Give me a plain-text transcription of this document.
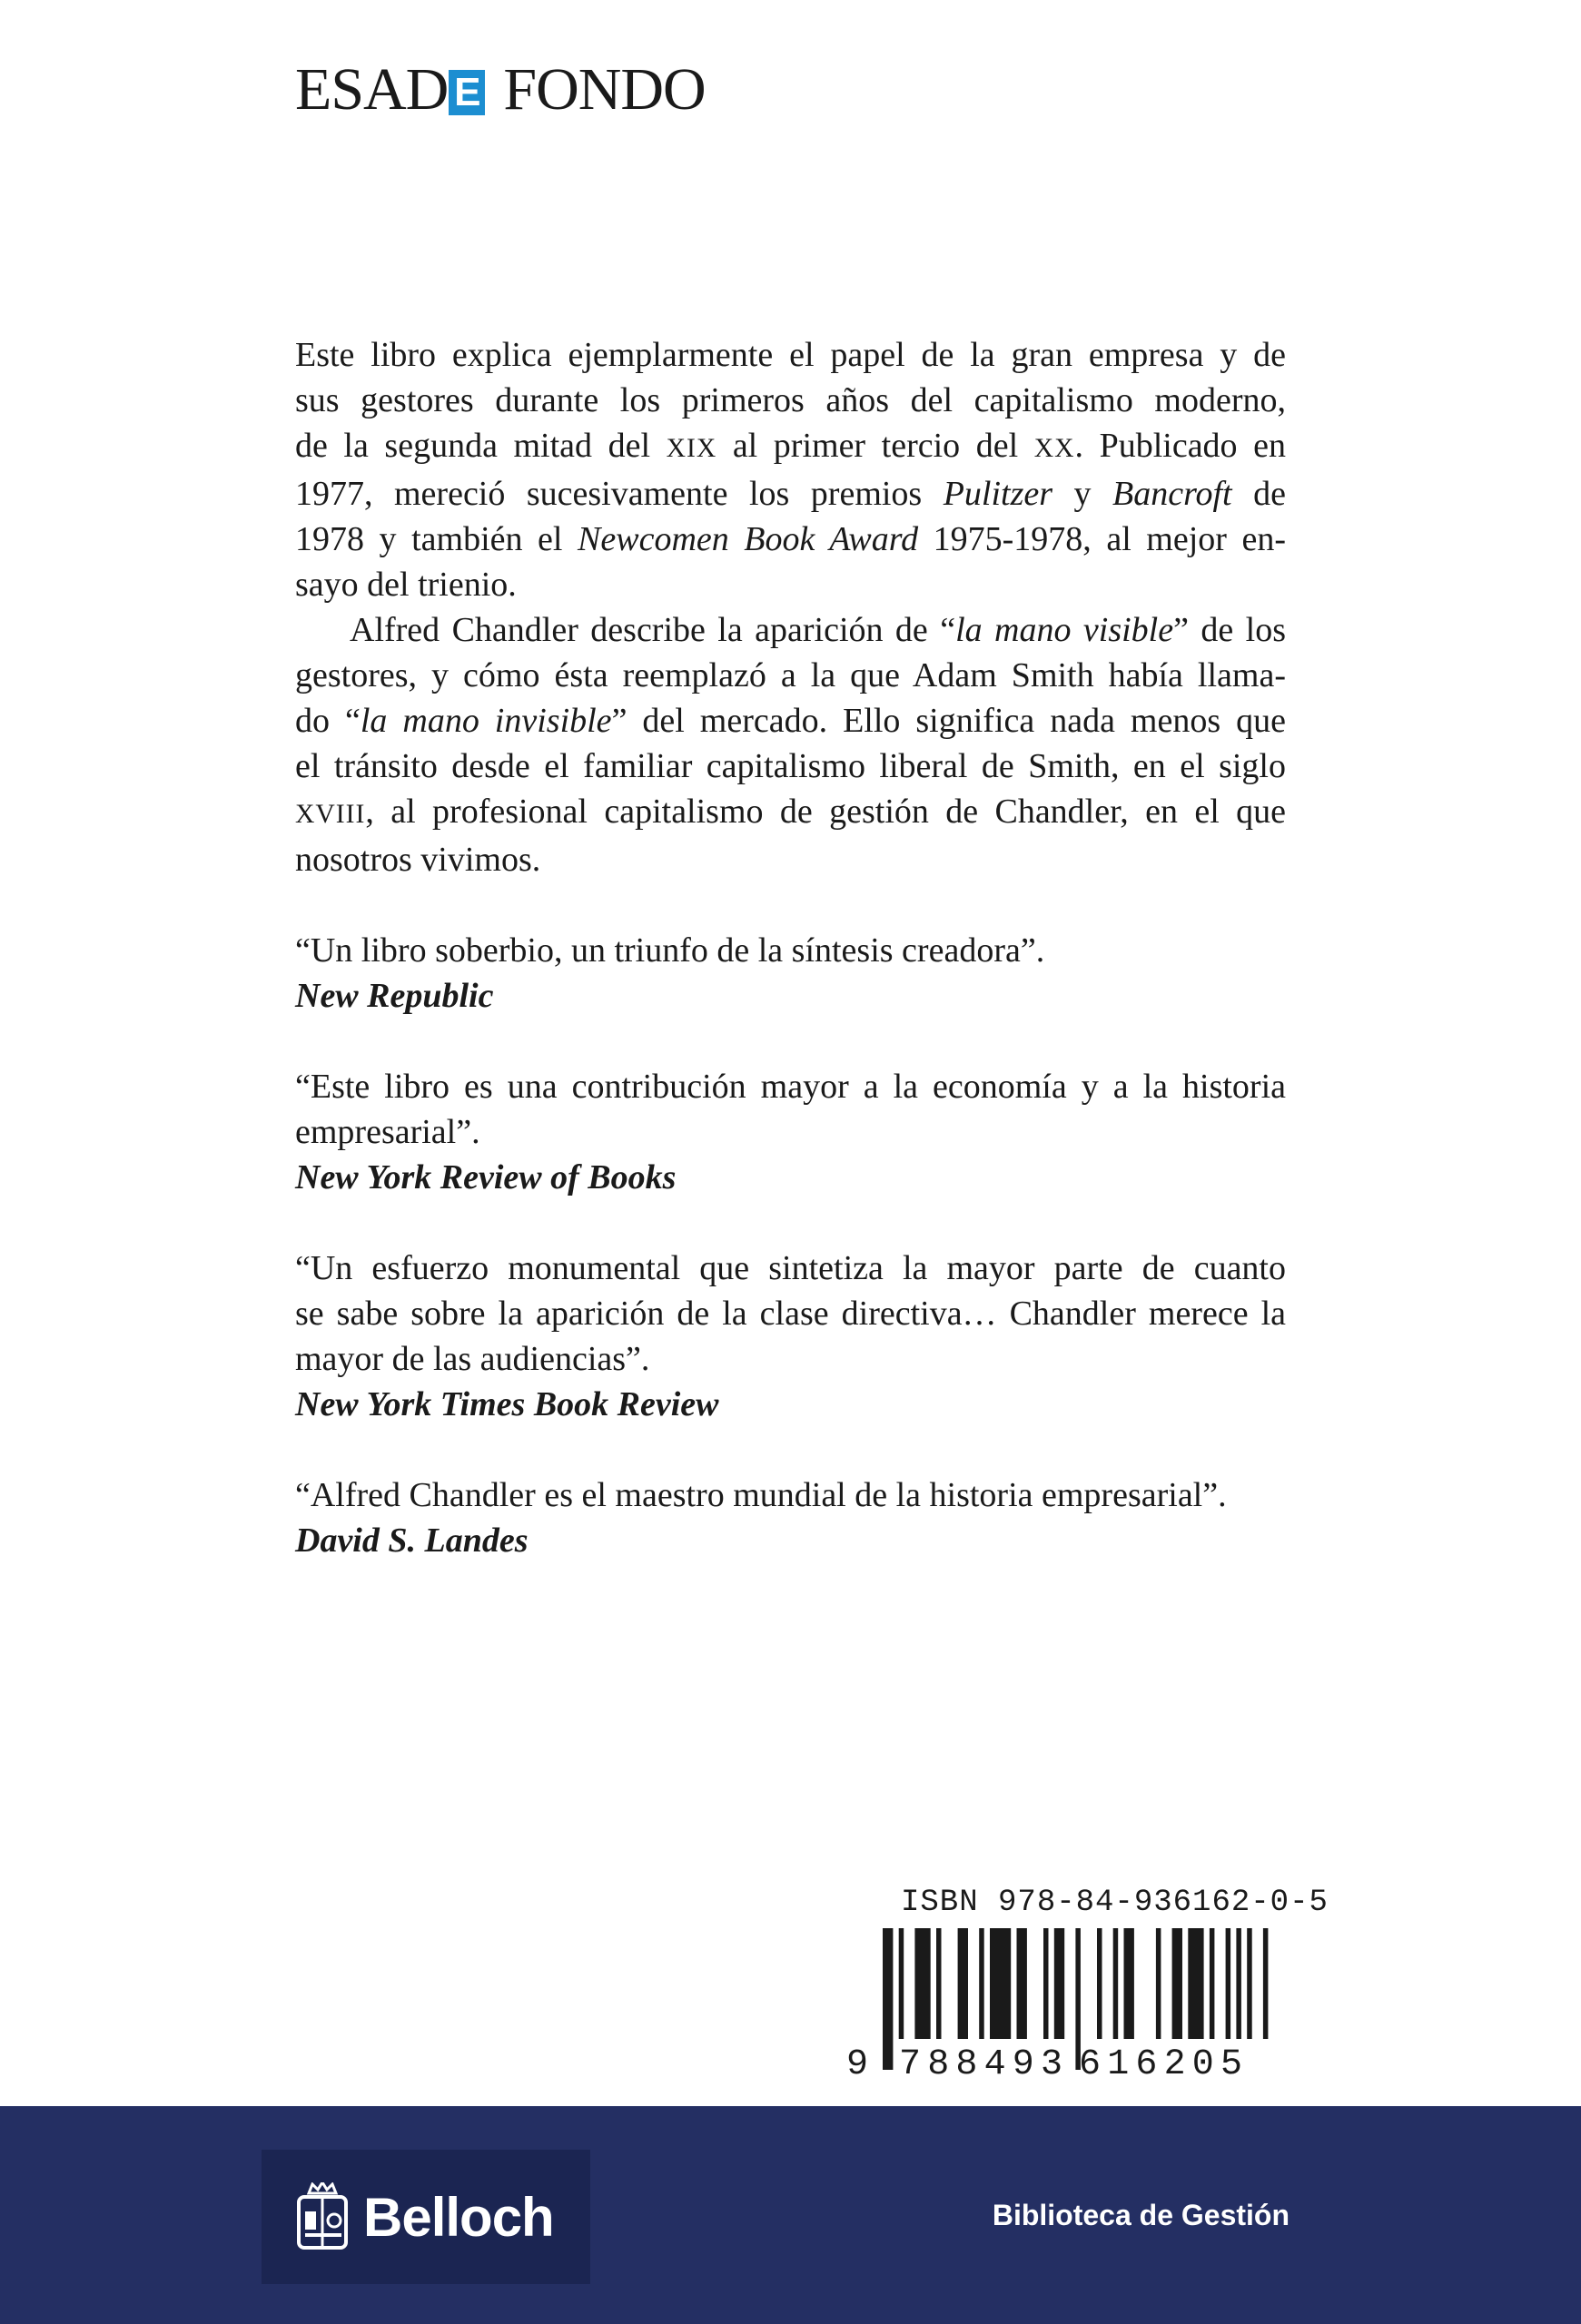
ESAD E FONDO

Este libro explica ejemplarmente el papel de la gran empresa y de
sus gestores durante los primeros años del capitalismo moderno,
de la segunda mitad del XIX al primer tercio del XX. Publicado en
1977, mereció sucesivamente los premios Pulitzer y Bancroft de
1978 y también el Newcomen Book Award 1975-1978, al mejor en-
sayo del trienio.

Alfred Chandler describe la aparición de “la mano visible” de los
gestores, y cómo ésta reemplazó a la que Adam Smith había llama-
do “la mano invisible” del mercado. Ello significa nada menos que
el tránsito desde el familiar capitalismo liberal de Smith, en el siglo
XVIII, al profesional capitalismo de gestión de Chandler, en el que
nosotros vivimos.

“Un libro soberbio, un triunfo de la síntesis creadora”.
New Republic
“Este libro es una contribución mayor a la economía y a la historia
empresarial”.
New York Review of Books
“Un esfuerzo monumental que sintetiza la mayor parte de cuanto
se sabe sobre la aparición de la clase directiva… Chandler merece la
mayor de las audiencias”.
New York Times Book Review
“Alfred Chandler es el maestro mundial de la historia empresarial”.
David S. Landes
ISBN 978-84-936162-0-5
9 788493 616205
Belloch	Biblioteca de Gestión
